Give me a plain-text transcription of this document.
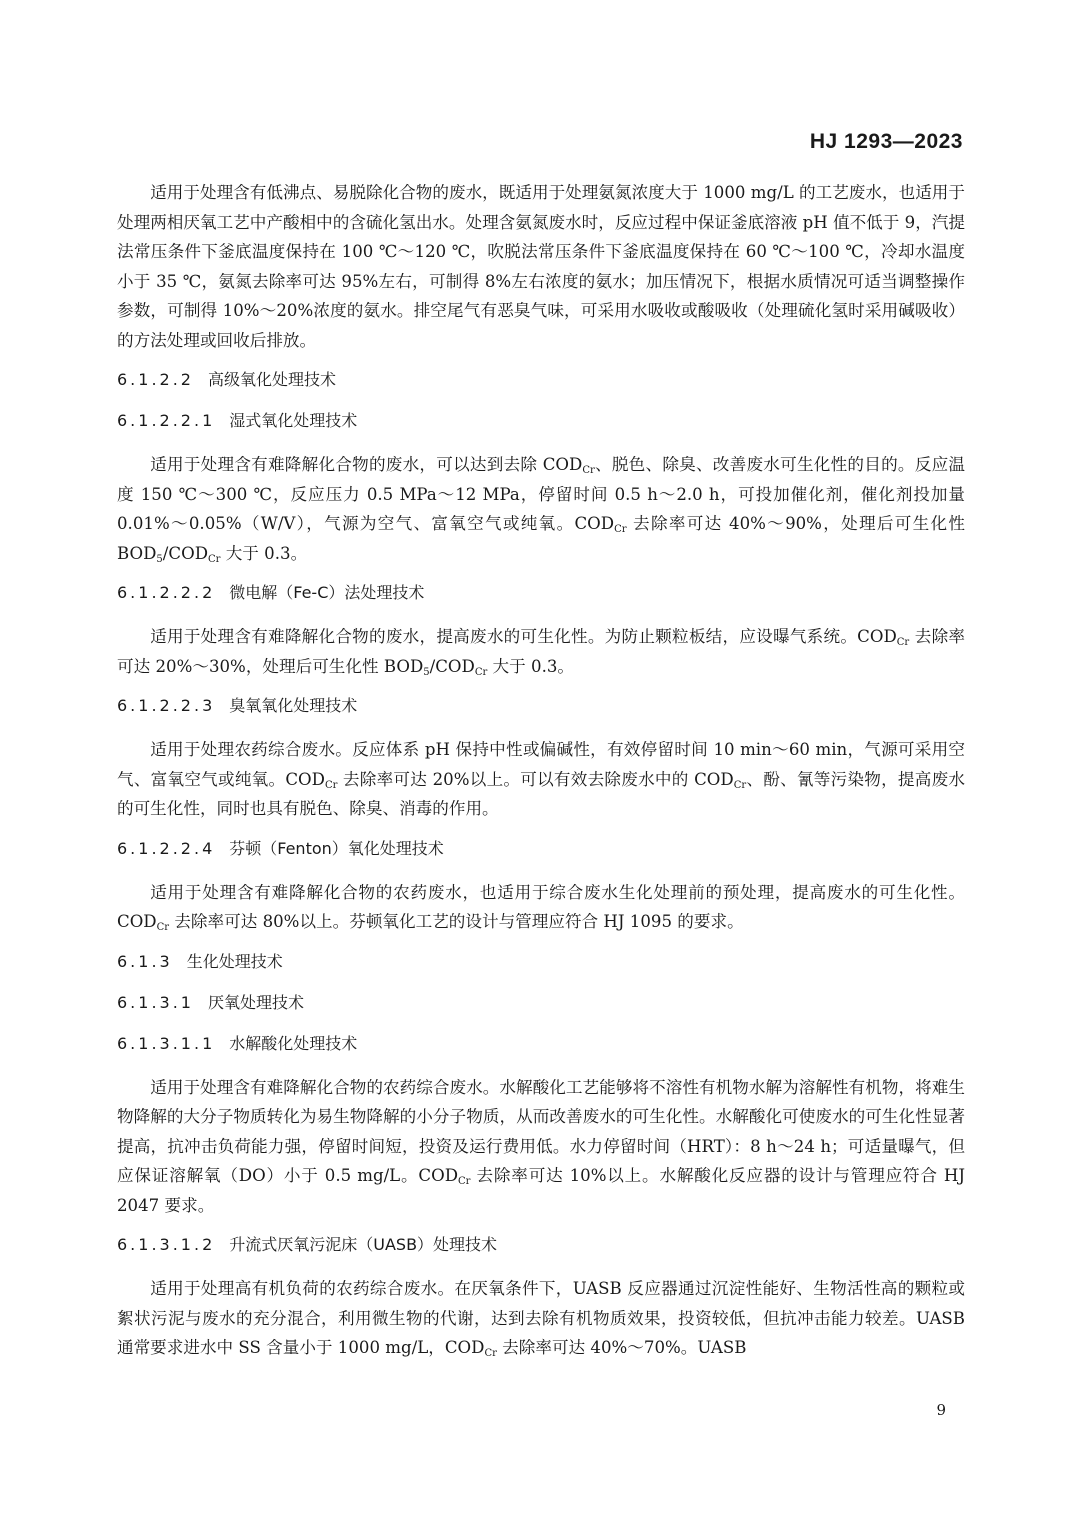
HJ 1293—2023

适用于处理含有低沸点、易脱除化合物的废水，既适用于处理氨氮浓度大于 1000 mg/L 的工艺废水，也适用于处理两相厌氧工艺中产酸相中的含硫化氢出水。处理含氨氮废水时，反应过程中保证釜底溶液 pH 值不低于 9，汽提法常压条件下釜底温度保持在 100 ℃～120 ℃，吹脱法常压条件下釜底温度保持在 60 ℃～100 ℃，冷却水温度小于 35 ℃，氨氮去除率可达 95%左右，可制得 8%左右浓度的氨水；加压情况下，根据水质情况可适当调整操作参数，可制得 10%～20%浓度的氨水。排空尾气有恶臭气味，可采用水吸收或酸吸收（处理硫化氢时采用碱吸收）的方法处理或回收后排放。

6.1.2.2 高级氧化处理技术
6.1.2.2.1 湿式氧化处理技术

适用于处理含有难降解化合物的废水，可以达到去除 $COD_{Cr}$、脱色、除臭、改善废水可生化性的目的。反应温度 150 ℃～300 ℃，反应压力 0.5 MPa～12 MPa，停留时间 0.5 h～2.0 h，可投加催化剂，催化剂投加量 0.01%～0.05%（W/V），气源为空气、富氧空气或纯氧。$COD_{Cr}$ 去除率可达 40%～90%，处理后可生化性 $BOD_5/COD_{Cr}$ 大于 0.3。

6.1.2.2.2 微电解（Fe-C）法处理技术

适用于处理含有难降解化合物的废水，提高废水的可生化性。为防止颗粒板结，应设曝气系统。$COD_{Cr}$ 去除率可达 20%～30%，处理后可生化性 $BOD_5/COD_{Cr}$ 大于 0.3。

6.1.2.2.3 臭氧氧化处理技术

适用于处理农药综合废水。反应体系 pH 保持中性或偏碱性，有效停留时间 10 min～60 min，气源可采用空气、富氧空气或纯氧。$COD_{Cr}$ 去除率可达 20%以上。可以有效去除废水中的 $COD_{Cr}$、酚、氰等污染物，提高废水的可生化性，同时也具有脱色、除臭、消毒的作用。

6.1.2.2.4 芬顿（Fenton）氧化处理技术

适用于处理含有难降解化合物的农药废水，也适用于综合废水生化处理前的预处理，提高废水的可生化性。$COD_{Cr}$ 去除率可达 80%以上。芬顿氧化工艺的设计与管理应符合 HJ 1095 的要求。

6.1.3 生化处理技术
6.1.3.1 厌氧处理技术
6.1.3.1.1 水解酸化处理技术

适用于处理含有难降解化合物的农药综合废水。水解酸化工艺能够将不溶性有机物水解为溶解性有机物，将难生物降解的大分子物质转化为易生物降解的小分子物质，从而改善废水的可生化性。水解酸化可使废水的可生化性显著提高，抗冲击负荷能力强，停留时间短，投资及运行费用低。水力停留时间（HRT）：8 h～24 h；可适量曝气，但应保证溶解氧（DO）小于 0.5 mg/L。$COD_{Cr}$ 去除率可达 10%以上。水解酸化反应器的设计与管理应符合 HJ 2047 要求。

6.1.3.1.2 升流式厌氧污泥床（UASB）处理技术

适用于处理高有机负荷的农药综合废水。在厌氧条件下，UASB 反应器通过沉淀性能好、生物活性高的颗粒或絮状污泥与废水的充分混合，利用微生物的代谢，达到去除有机物质效果，投资较低，但抗冲击能力较差。UASB 通常要求进水中 SS 含量小于 1000 mg/L，$COD_{Cr}$ 去除率可达 40%～70%。UASB

9
